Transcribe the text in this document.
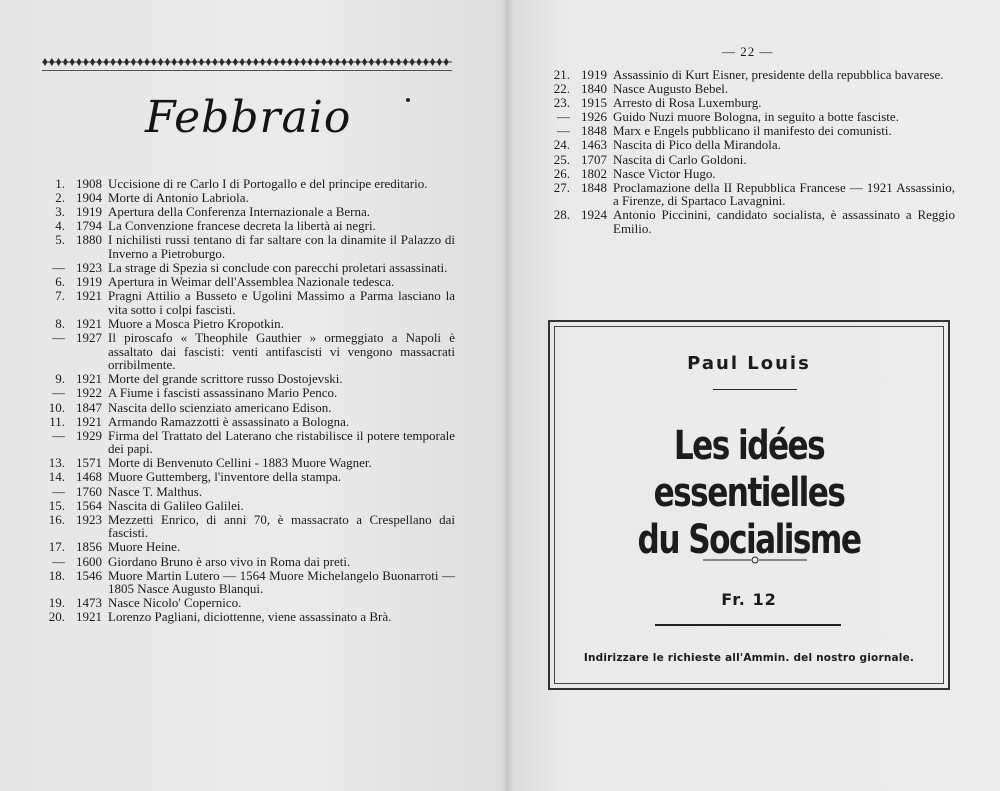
Febbraio
1. 1908 Uccisione di re Carlo I di Portogallo e del principe ereditario.
2. 1904 Morte di Antonio Labriola.
3. 1919 Apertura della Conferenza Internazionale a Berna.
4. 1794 La Convenzione francese decreta la libertà ai negri.
5. 1880 I nichilisti russi tentano di far saltare con la dinamite il Palazzo di Inverno a Pietroburgo.
— 1923 La strage di Spezia si conclude con parecchi proletari assassinati.
6. 1919 Apertura in Weimar dell'Assemblea Nazionale tedesca.
7. 1921 Pragni Attilio a Busseto e Ugolini Massimo a Parma lasciano la vita sotto i colpi fascisti.
8. 1921 Muore a Mosca Pietro Kropotkin.
— 1927 Il piroscafo « Theophile Gauthier » ormeggiato a Napoli è assaltato dai fascisti: venti antifascisti vi vengono massacrati orribilmente.
9. 1921 Morte del grande scrittore russo Dostojevski.
— 1922 A Fiume i fascisti assassinano Mario Penco.
10. 1847 Nascita dello scienziato americano Edison.
11. 1921 Armando Ramazzotti è assassinato a Bologna.
— 1929 Firma del Trattato del Laterano che ristabilisce il potere temporale dei papi.
13. 1571 Morte di Benvenuto Cellini - 1883 Muore Wagner.
14. 1468 Muore Guttemberg, l'inventore della stampa.
— 1760 Nasce T. Malthus.
15. 1564 Nascita di Galileo Galilei.
16. 1923 Mezzetti Enrico, di anni 70, è massacrato a Crespellano dai fascisti.
17. 1856 Muore Heine.
— 1600 Giordano Bruno è arso vivo in Roma dai preti.
18. 1546 Muore Martin Lutero — 1564 Muore Michelangelo Buonarroti — 1805 Nasce Augusto Blanqui.
19. 1473 Nasce Nicolo' Copernico.
20. 1921 Lorenzo Pagliani, diciottenne, viene assassinato a Brà.

— 22 —

21. 1919 Assassinio di Kurt Eisner, presidente della repubblica bavarese.
22. 1840 Nasce Augusto Bebel.
23. 1915 Arresto di Rosa Luxemburg.
— 1926 Guido Nuzi muore Bologna, in seguito a botte fasciste.
— 1848 Marx e Engels pubblicano il manifesto dei comunisti.
24. 1463 Nascita di Pico della Mirandola.
25. 1707 Nascita di Carlo Goldoni.
26. 1802 Nasce Victor Hugo.
27. 1848 Proclamazione della II Repubblica Francese — 1921 Assassinio, a Firenze, di Spartaco Lavagnini.
28. 1924 Antonio Piccinini, candidato socialista, è assassinato a Reggio Emilio.

Paul Louis

Les idées essentielles
du Socialisme

Fr. 12

Indirizzare le richieste all'Ammin. del nostro giornale.
